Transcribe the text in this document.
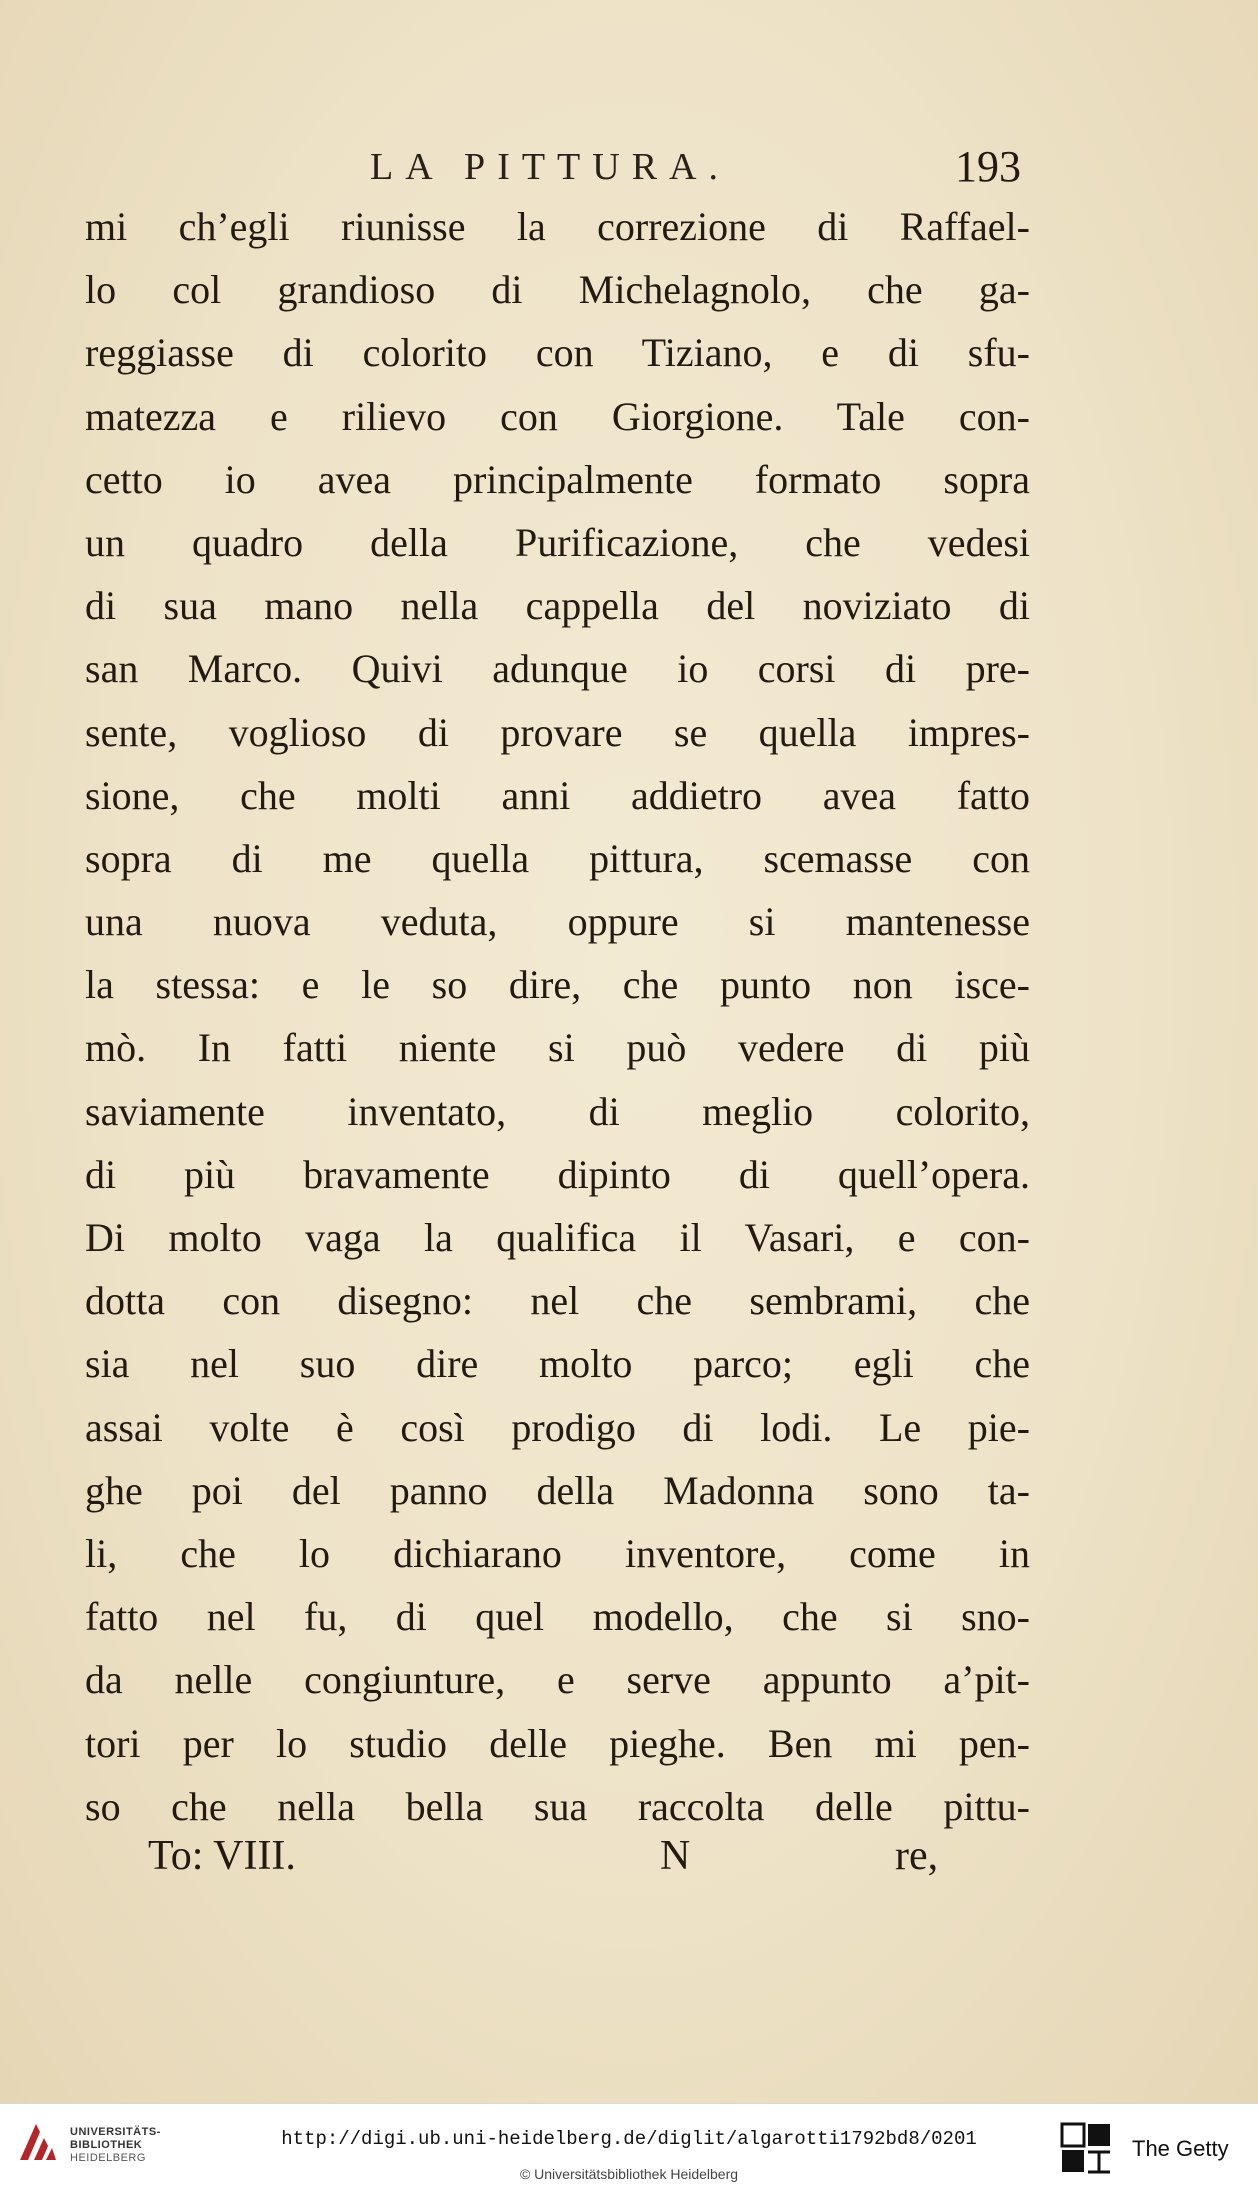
LA PITTURA.	193
mi ch’egli riunisse la correzione di Raffael-
lo col grandioso di Michelagnolo, che ga-
reggiasse di colorito con Tiziano, e di sfu-
matezza e rilievo con Giorgione. Tale con-
cetto io avea principalmente formato sopra
un quadro della Purificazione, che vedesi
di sua mano nella cappella del noviziato di
san Marco. Quivi adunque io corsi di pre-
sente, voglioso di provare se quella impres-
sione, che molti anni addietro avea fatto
sopra di me quella pittura, scemasse con
una nuova veduta, oppure si mantenesse
la stessa: e le so dire, che punto non isce-
mò. In fatti niente si può vedere di più
saviamente inventato, di meglio colorito,
di più bravamente dipinto di quell’opera.
Di molto vaga la qualifica il Vasari, e con-
dotta con disegno: nel che sembrami, che
sia nel suo dire molto parco; egli che
assai volte è così prodigo di lodi. Le pie-
ghe poi del panno della Madonna sono ta-
li, che lo dichiarano inventore, come in
fatto nel fu, di quel modello, che si sno-
da nelle congiunture, e serve appunto a’pit-
tori per lo studio delle pieghe. Ben mi pen-
so che nella bella sua raccolta delle pittu-
To: VIII.	N	re,
UNIVERSITÄTS-
BIBLIOTHEK
HEIDELBERG
http://digi.ub.uni-heidelberg.de/diglit/algarotti1792bd8/0201
© Universitätsbibliothek Heidelberg
The Getty
